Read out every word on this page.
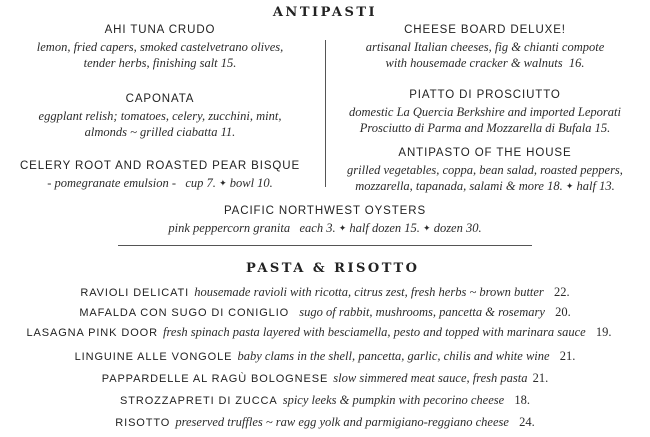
ANTIPASTI
AHI TUNA CRUDO
lemon, fried capers, smoked castelvetrano olives,
tender herbs, finishing salt 15.
CAPONATA
eggplant relish; tomatoes, celery, zucchini, mint,
almonds ~ grilled ciabatta 11.
CELERY ROOT AND ROASTED PEAR BISQUE
- pomegranate emulsion - cup 7. ✦ bowl 10.
CHEESE BOARD DELUXE!
artisanal Italian cheeses, fig & chianti compote
with housemade cracker & walnuts 16.
PIATTO DI PROSCIUTTO
domestic La Quercia Berkshire and imported Leporati
Prosciutto di Parma and Mozzarella di Bufala 15.
ANTIPASTO OF THE HOUSE
grilled vegetables, coppa, bean salad, roasted peppers,
mozzarella, tapanada, salami & more 18. ✦ half 13.
PACIFIC NORTHWEST OYSTERS
pink peppercorn granita each 3. ✦ half dozen 15. ✦ dozen 30.
PASTA & RISOTTO
RAVIOLI DELICATI housemade ravioli with ricotta, citrus zest, fresh herbs ~ brown butter 22.
MAFALDA CON SUGO DI CONIGLIO sugo of rabbit, mushrooms, pancetta & rosemary 20.
LASAGNA PINK DOOR fresh spinach pasta layered with besciamella, pesto and topped with marinara sauce 19.
LINGUINE ALLE VONGOLE baby clams in the shell, pancetta, garlic, chilis and white wine 21.
PAPPARDELLE AL RAGÙ BOLOGNESE slow simmered meat sauce, fresh pasta 21.
STROZZAPRETI DI ZUCCA spicy leeks & pumpkin with pecorino cheese 18.
RISOTTO preserved truffles ~ raw egg yolk and parmigiano-reggiano cheese 24.
